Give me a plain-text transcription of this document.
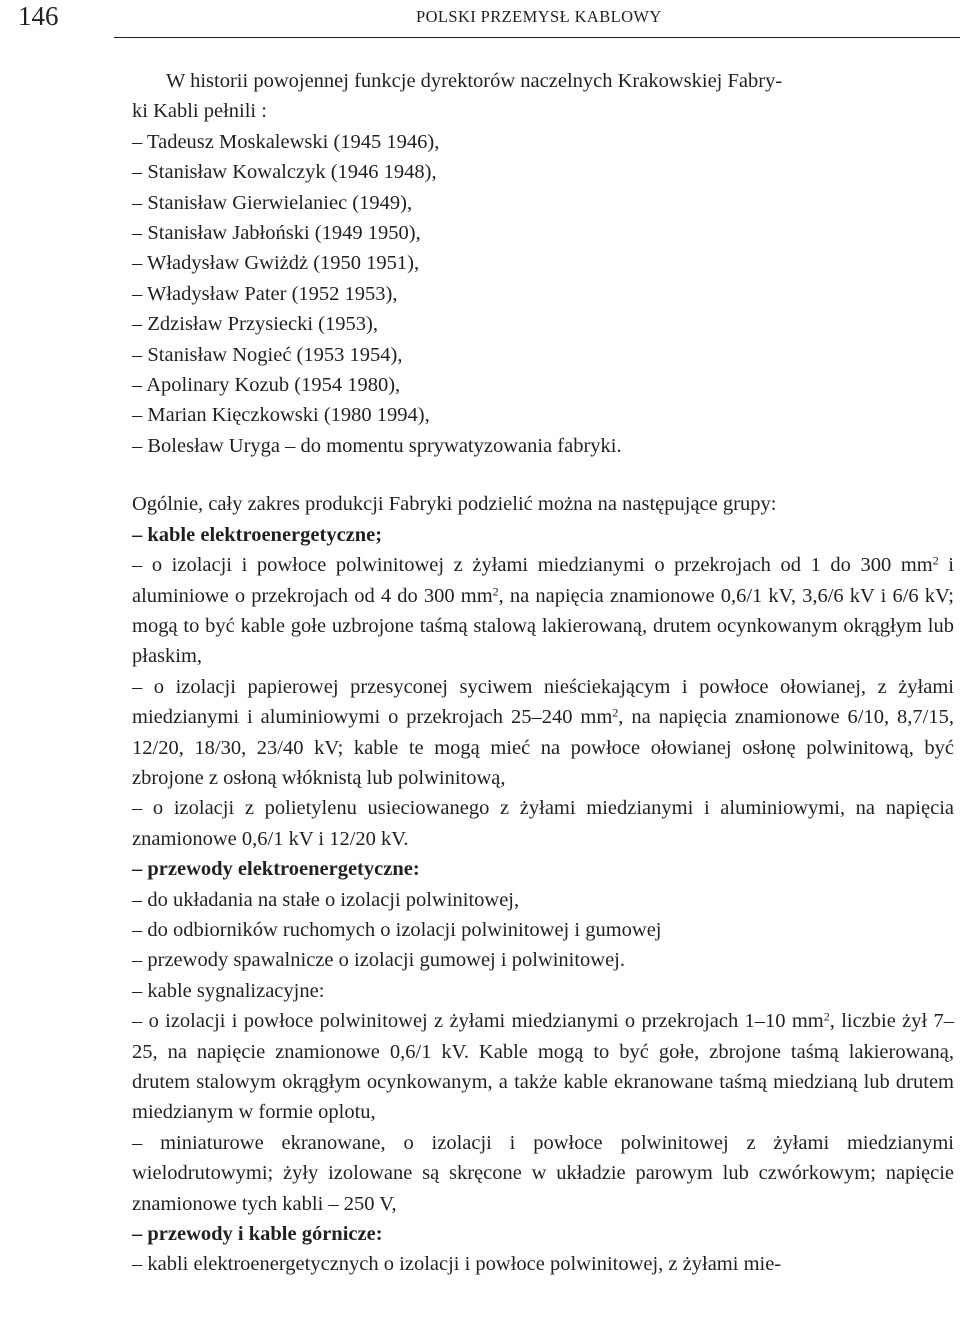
146	POLSKI PRZEMYSŁ KABLOWY
W historii powojennej funkcje dyrektorów naczelnych Krakowskiej Fabry-
ki Kabli pełnili :
– Tadeusz Moskalewski (1945 1946),
– Stanisław Kowalczyk (1946 1948),
– Stanisław Gierwielaniec (1949),
– Stanisław Jabłoński (1949 1950),
– Władysław Gwiżdż (1950 1951),
– Władysław Pater (1952 1953),
– Zdzisław Przysiecki (1953),
– Stanisław Nogieć (1953 1954),
– Apolinary Kozub (1954 1980),
– Marian Kięczkowski (1980 1994),
– Bolesław Uryga – do momentu sprywatyzowania fabryki.
Ogólnie, cały zakres produkcji Fabryki podzielić można na następujące grupy:
– kable elektroenergetyczne;

– o izolacji i powłoce polwinitowej z żyłami miedzianymi o przekrojach od 1 do 300 $mm^2$ i aluminiowe o przekrojach od 4 do 300 $mm^2$, na napięcia znamionowe 0,6/1 kV, 3,6/6 kV i 6/6 kV; mogą to być kable gołe uzbrojone taśmą stalową lakierowaną, drutem ocynkowanym okrągłym lub płaskim,

– o izolacji papierowej przesyconej syciwem nieściekającym i powłoce ołowianej, z żyłami miedzianymi i aluminiowymi o przekrojach 25–240 $mm^2$, na napięcia znamionowe 6/10, 8,7/15, 12/20, 18/30, 23/40 kV; kable te mogą mieć na powłoce ołowianej osłonę polwinitową, być zbrojone z osłoną włóknistą lub polwinitową,

– o izolacji z polietylenu usieciowanego z żyłami miedzianymi i aluminiowymi, na napięcia znamionowe 0,6/1 kV i 12/20 kV.

– przewody elektroenergetyczne:
– do układania na stałe o izolacji polwinitowej,
– do odbiorników ruchomych o izolacji polwinitowej i gumowej
– przewody spawalnicze o izolacji gumowej i polwinitowej.
– kable sygnalizacyjne:

– o izolacji i powłoce polwinitowej z żyłami miedzianymi o przekrojach 1–10 $mm^2$, liczbie żył 7–25, na napięcie znamionowe 0,6/1 kV. Kable mogą to być gołe, zbrojone taśmą lakierowaną, drutem stalowym okrągłym ocynkowanym, a także kable ekranowane taśmą miedzianą lub drutem miedzianym w formie oplotu,

– miniaturowe ekranowane, o izolacji i powłoce polwinitowej z żyłami miedzianymi wielodrutowymi; żyły izolowane są skręcone w układzie parowym lub czwórkowym; napięcie znamionowe tych kabli – 250 V,

– przewody i kable górnicze:

– kabli elektroenergetycznych o izolacji i powłoce polwinitowej, z żyłami mie-
